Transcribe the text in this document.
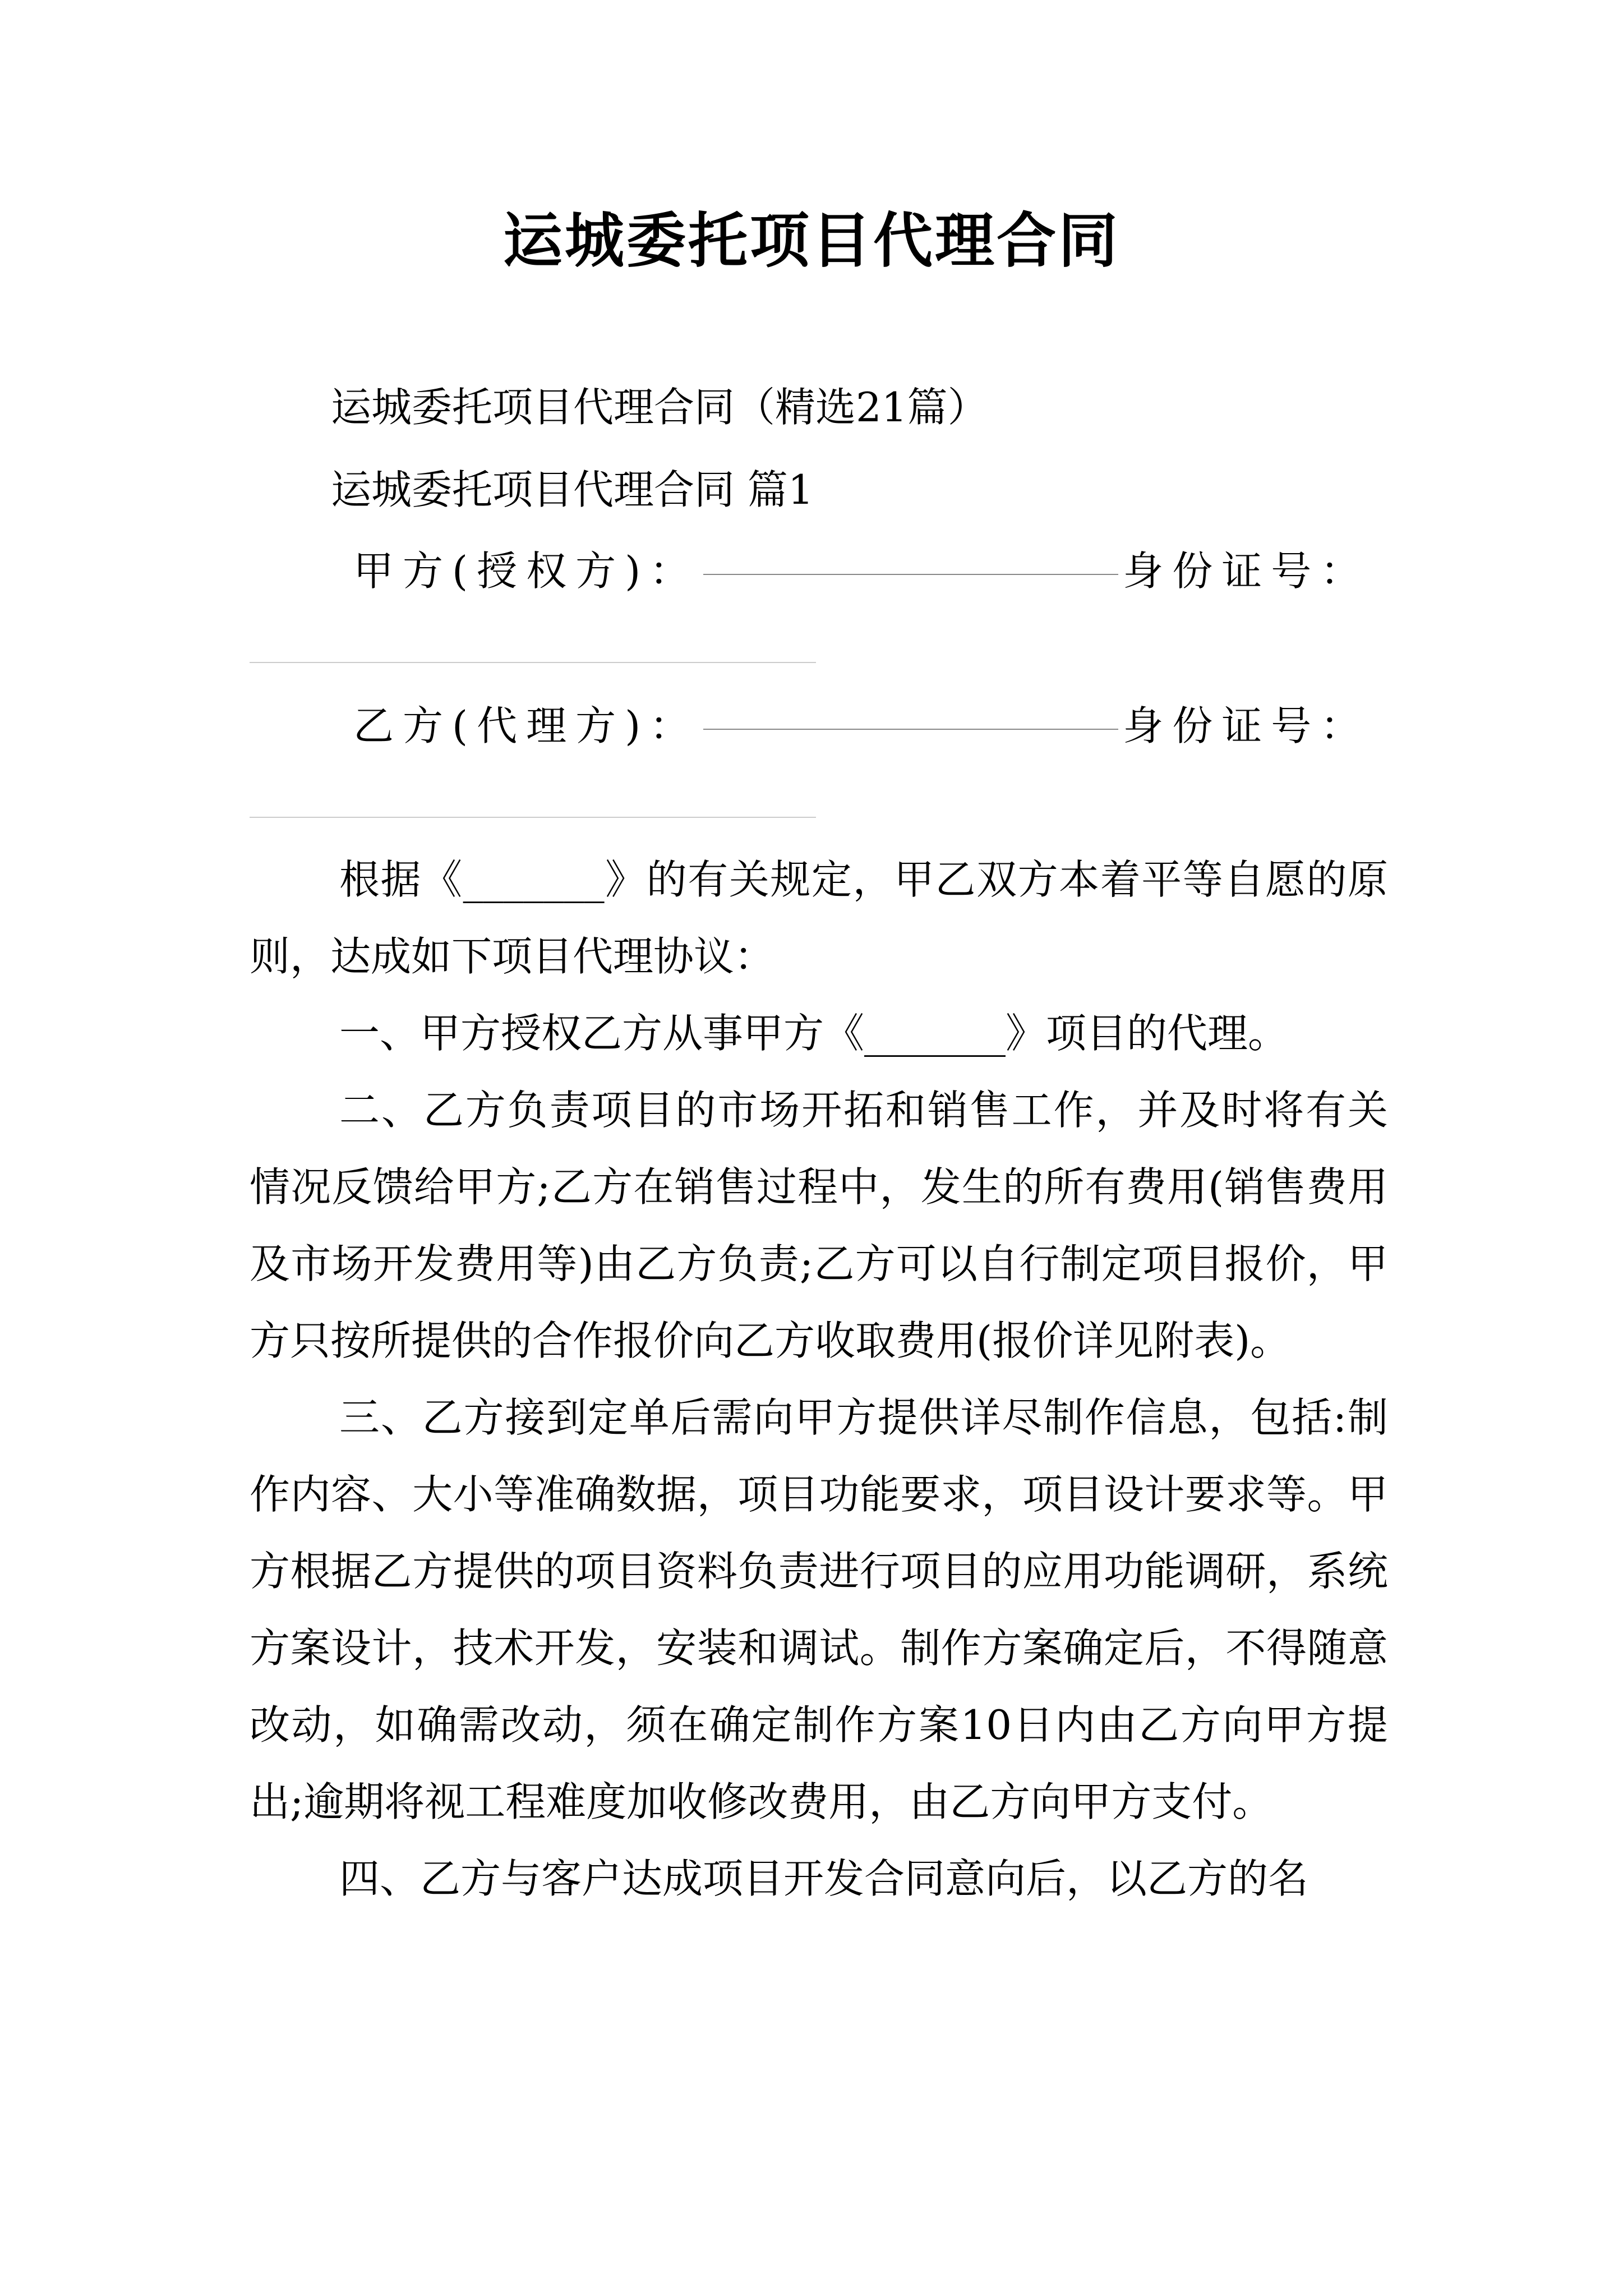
运城委托项目代理合同
运城委托项目代理合同（精选21篇）
运城委托项目代理合同 篇1
甲方(授权方)：	身份证号：
乙方(代理方)：	身份证号：

根据《_______》的有关规定，甲乙双方本着平等自愿的原则，达成如下项目代理协议：

一、甲方授权乙方从事甲方《_______》项目的代理。

二、乙方负责项目的市场开拓和销售工作，并及时将有关情况反馈给甲方;乙方在销售过程中，发生的所有费用(销售费用及市场开发费用等)由乙方负责;乙方可以自行制定项目报价，甲方只按所提供的合作报价向乙方收取费用(报价详见附表)。

三、乙方接到定单后需向甲方提供详尽制作信息，包括:制作内容、大小等准确数据，项目功能要求，项目设计要求等。甲方根据乙方提供的项目资料负责进行项目的应用功能调研，系统方案设计，技术开发，安装和调试。制作方案确定后，不得随意改动，如确需改动，须在确定制作方案10日内由乙方向甲方提出;逾期将视工程难度加收修改费用，由乙方向甲方支付。

四、乙方与客户达成项目开发合同意向后，以乙方的名
